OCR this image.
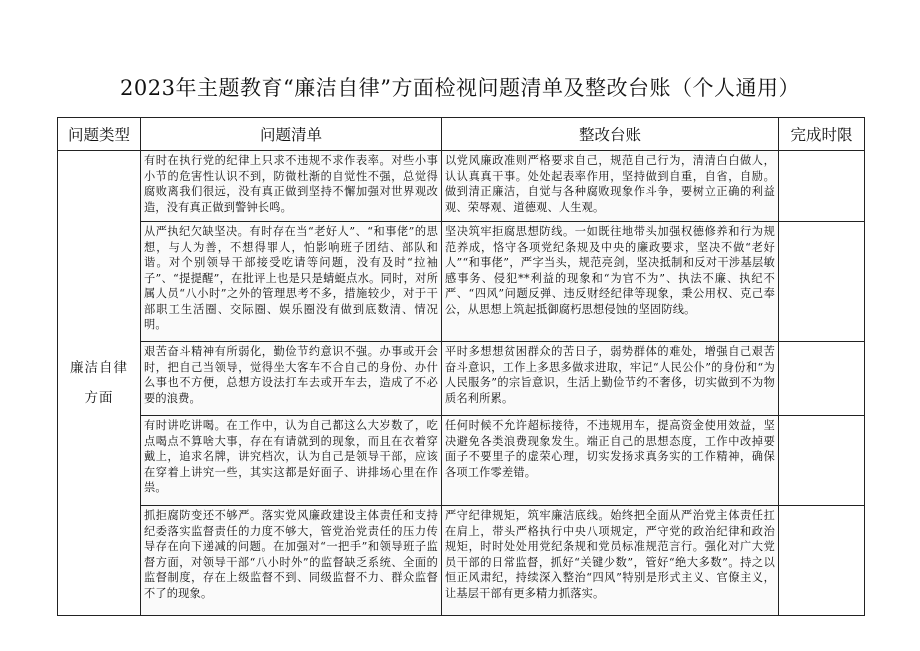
2023年主题教育“廉洁自律”方面检视问题清单及整改台账（个人通用）
问题类型	问题清单	整改台账	完成时限

廉洁自律
方面	有时在执行党的纪律上只求不违规不求作表率。对些小事小节的危害性认识不到，防微杜渐的自觉性不强，总觉得腐败离我们很远，没有真正做到坚持不懈加强对世界观改造，没有真正做到警钟长鸣。	以党风廉政准则严格要求自己，规范自己行为，清清白白做人，认认真真干事。处处起表率作用，坚持做到自重，自省，自励。做到清正廉洁，自觉与各种腐败现象作斗争，要树立正确的利益观、荣辱观、道德观、人生观。	

	从严执纪欠缺坚决。有时存在当“老好人”、“和事佬”的思想，与人为善，不想得罪人，怕影响班子团结、部队和谐。对个别领导干部接受吃请等问题，没有及时“拉袖子”、“提提醒”，在批评上也是只是蜻蜓点水。同时，对所属人员“八小时”之外的管理思考不多，措施较少，对于干部职工生活圈、交际圈、娱乐圈没有做到底数清、情况明。	坚决筑牢拒腐思想防线。一如既往地带头加强权德修养和行为规范养成，恪守各项党纪条规及中央的廉政要求，坚决不做“老好人”“和事佬”，严字当头，规范亮剑，坚决抵制和反对干涉基层敏感事务、侵犯**利益的现象和“为官不为”、执法不廉、执纪不严、“四风”问题反弹、违反财经纪律等现象，秉公用权、克己奉公，从思想上筑起抵御腐朽思想侵蚀的坚固防线。	

	艰苦奋斗精神有所弱化，勤俭节约意识不强。办事或开会时，把自己当领导，觉得坐大客车不合自己的身份、办什么事也不方便，总想方设法打车去或开车去，造成了不必要的浪费。	平时多想想贫困群众的苦日子，弱势群体的难处，增强自己艰苦奋斗意识，工作上多思多做求进取，牢记“人民公仆”的身份和“为人民服务”的宗旨意识，生活上勤俭节约不奢侈，切实做到不为物质名利所累。	

	有时讲吃讲喝。在工作中，认为自己都这么大岁数了，吃点喝点不算啥大事，存在有请就到的现象，而且在衣着穿戴上，追求名牌，讲究档次，认为自己是领导干部，应该在穿着上讲究一些，其实这都是好面子、讲排场心里在作祟。	任何时候不允许超标接待，不违规用车，提高资金使用效益，坚决避免各类浪费现象发生。端正自己的思想态度，工作中改掉要面子不要里子的虚荣心理，切实发扬求真务实的工作精神，确保各项工作零差错。	

	抓拒腐防变还不够严。落实党风廉政建设主体责任和支持纪委落实监督责任的力度不够大，管党治党责任的压力传导存在向下递减的问题。在加强对“一把手”和领导班子监督方面，对领导干部“八小时外”的监督缺乏系统、全面的监督制度，存在上级监督不到、同级监督不力、群众监督不了的现象。	严守纪律规矩，筑牢廉洁底线。始终把全面从严治党主体责任扛在肩上，带头严格执行中央八项规定，严守党的政治纪律和政治规矩，时时处处用党纪条规和党员标准规范言行。强化对广大党员干部的日常监督，抓好“关键少数”，管好“绝大多数”。持之以恒正风肃纪，持续深入整治“四风”特别是形式主义、官僚主义，让基层干部有更多精力抓落实。	
